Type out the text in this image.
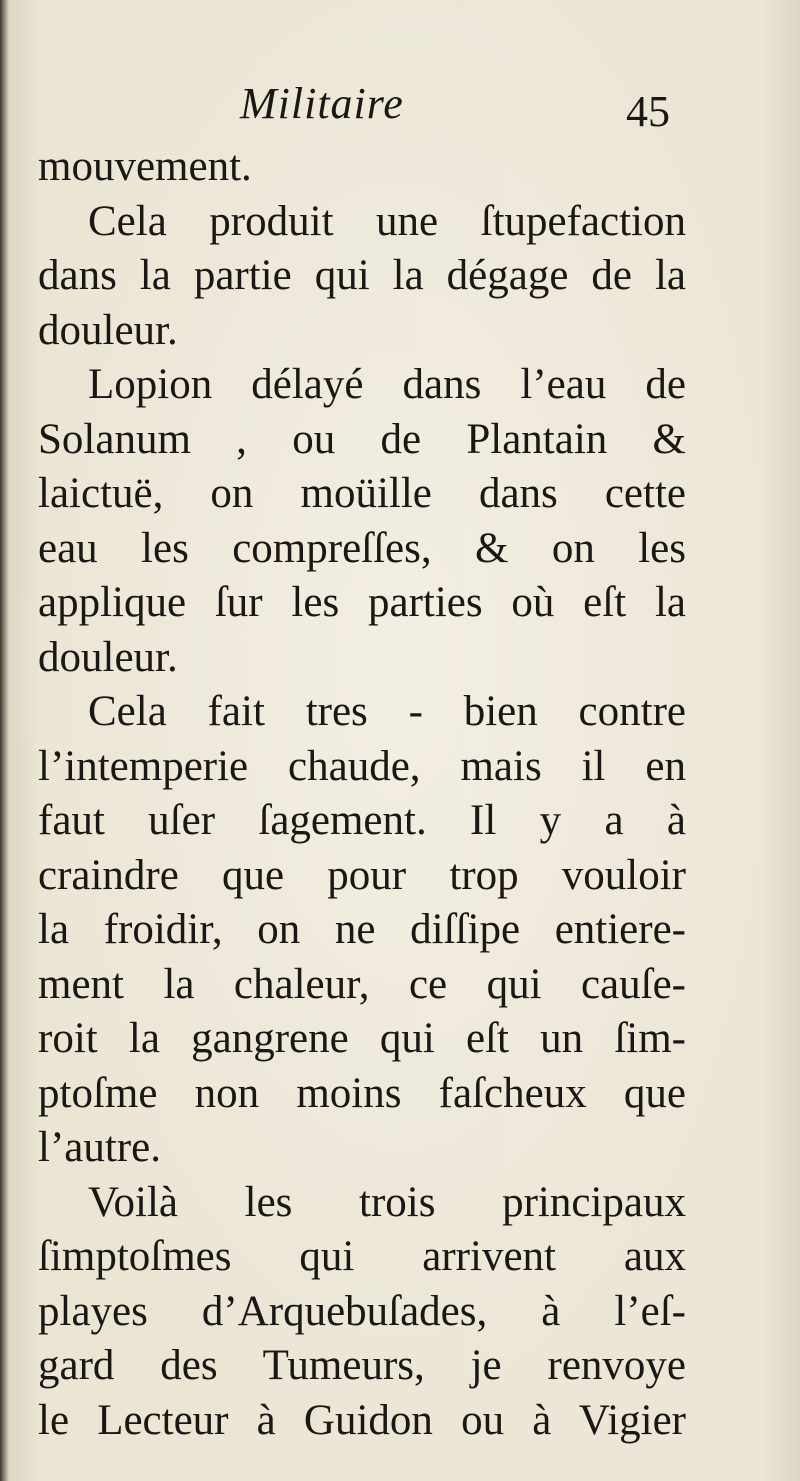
Militaire	45
mouvement.
Cela produit une ſtupefaction
dans la partie qui la dégage de la
douleur.
Lopion délayé dans l’eau de
Solanum , ou de Plantain &
laictuë, on moüille dans cette
eau les compreſſes, & on les
applique ſur les parties où eſt la
douleur.
Cela fait tres - bien contre
l’intemperie chaude, mais il en
faut uſer ſagement. Il y a à
craindre que pour trop vouloir
la froidir, on ne diſſipe entiere-
ment la chaleur, ce qui cauſe-
roit la gangrene qui eſt un ſim-
ptoſme non moins faſcheux que
l’autre.
Voilà les trois principaux
ſimptoſmes qui arrivent aux
playes d’Arquebuſades, à l’eſ-
gard des Tumeurs, je renvoye
le Lecteur à Guidon ou à Vigier
